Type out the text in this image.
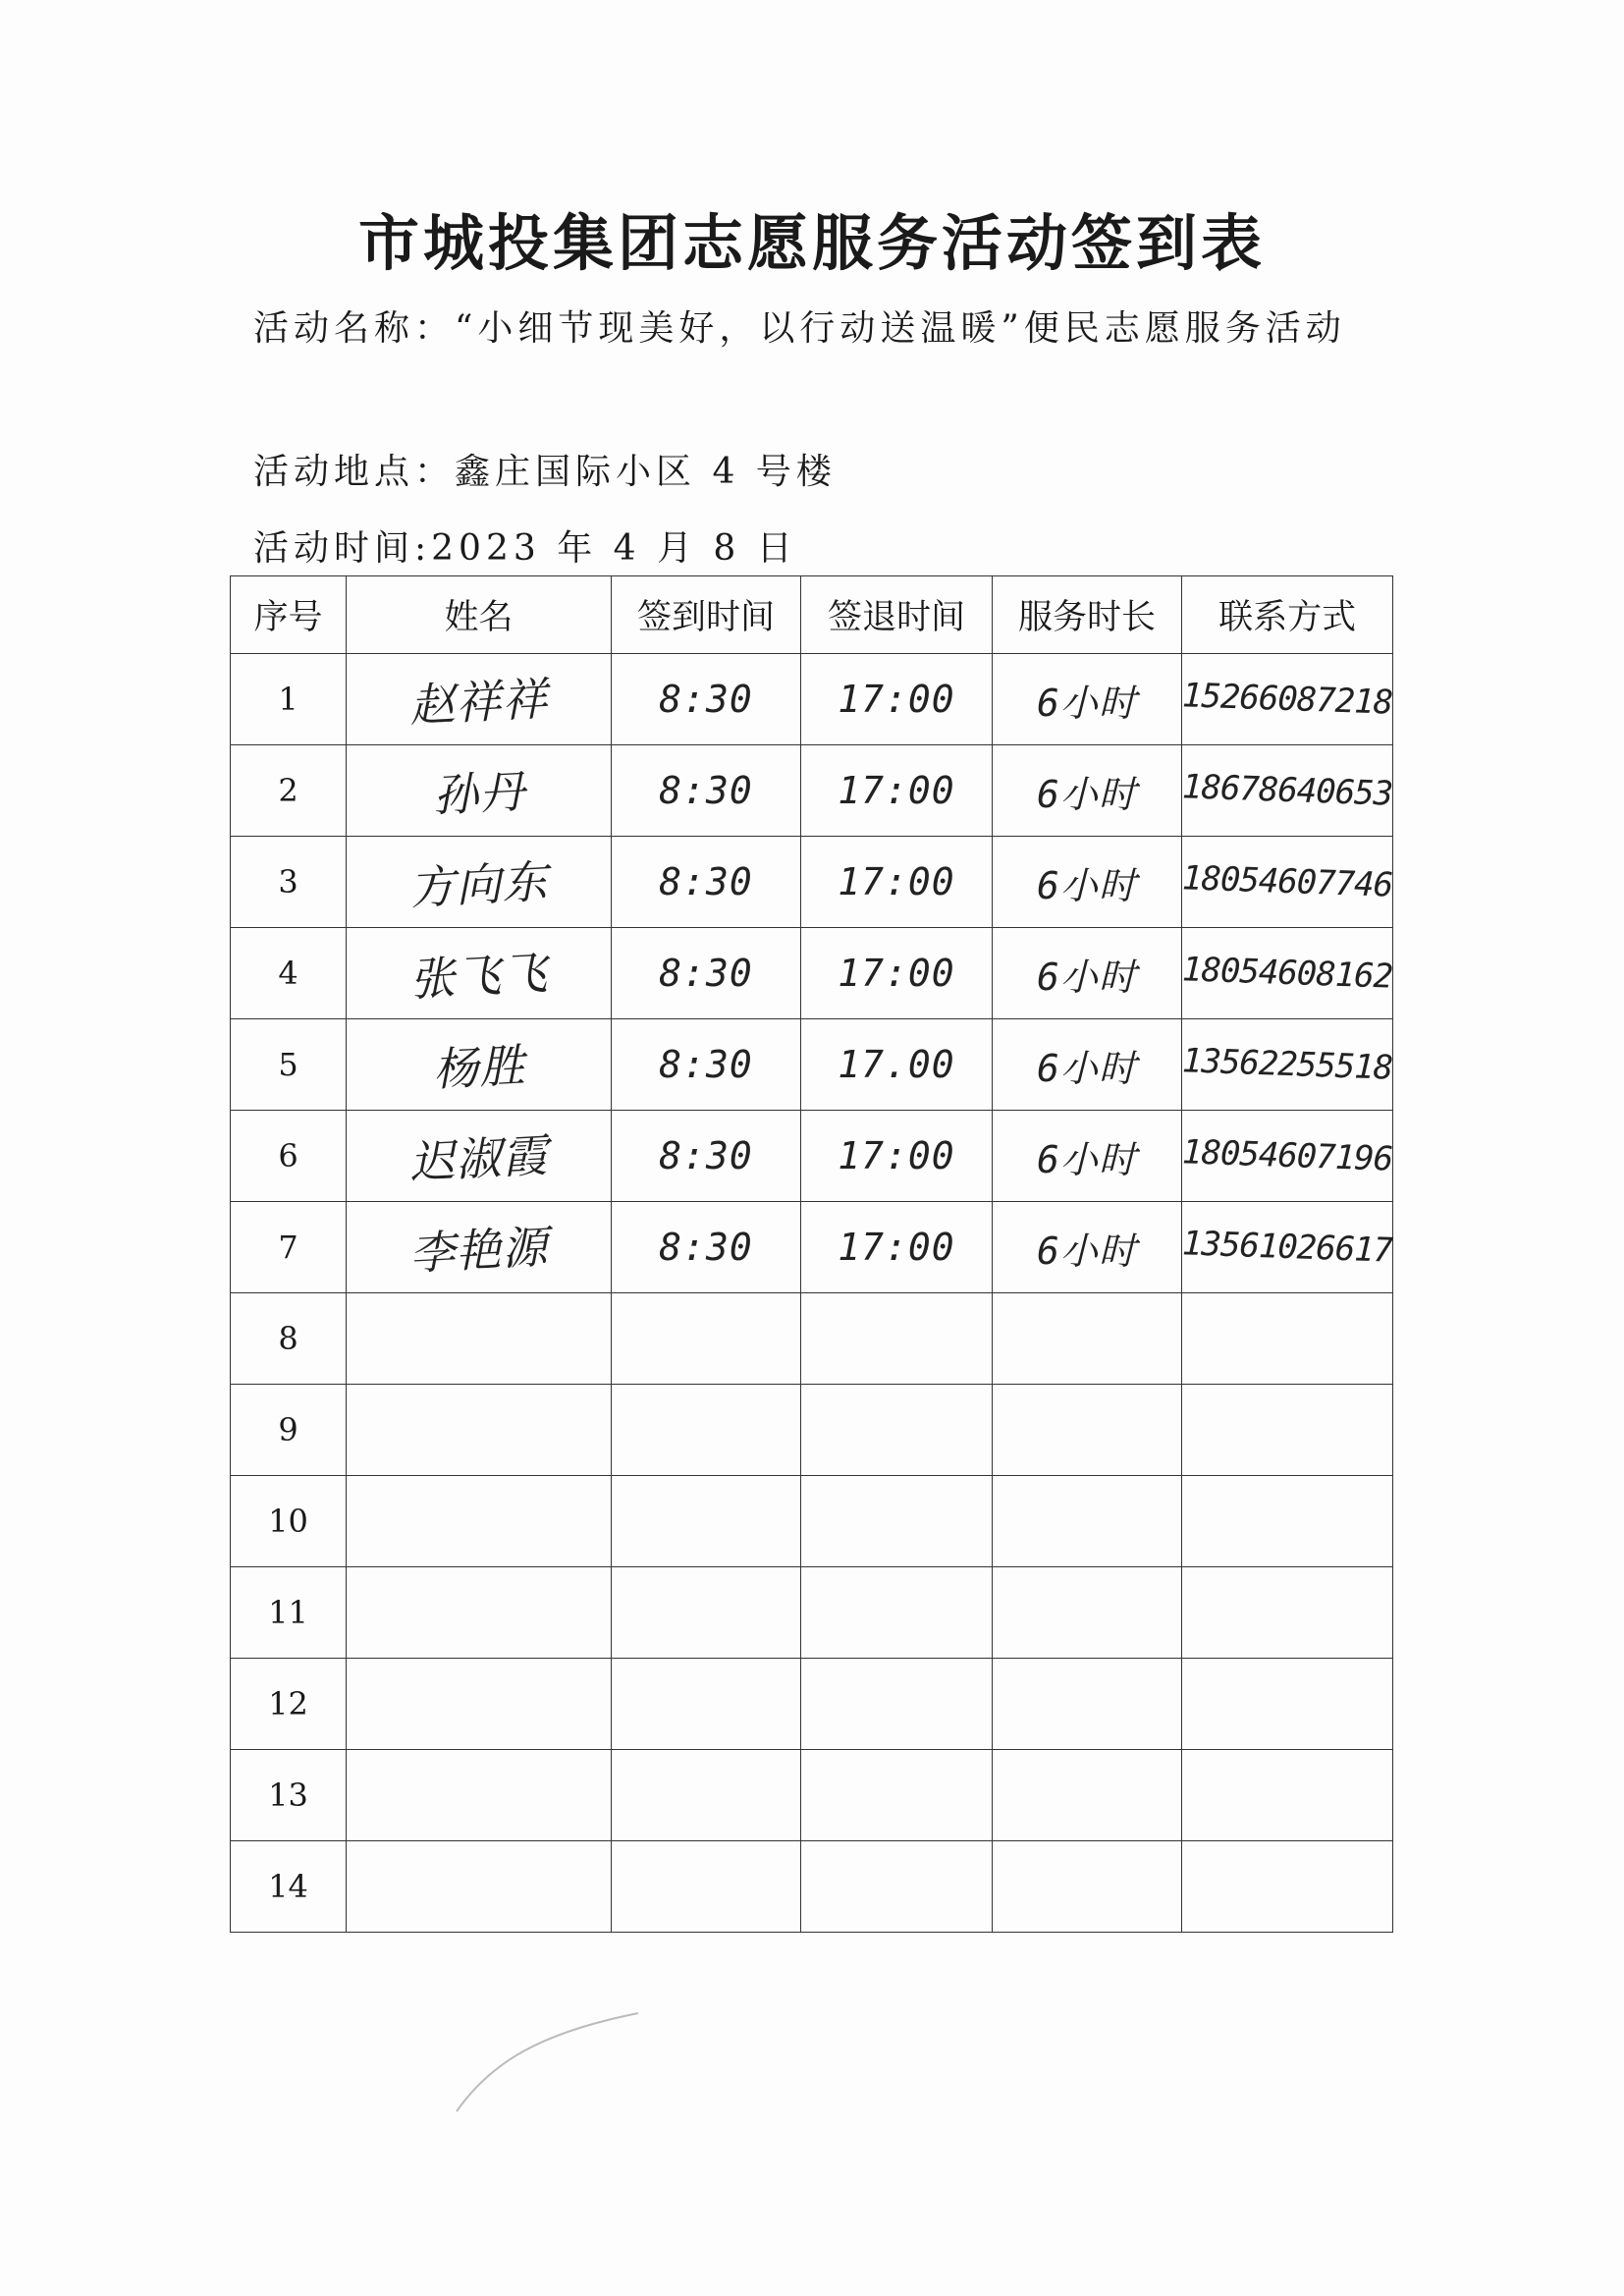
市城投集团志愿服务活动签到表
活动名称：“小细节现美好，以行动送温暖”便民志愿服务活动
活动地点：鑫庄国际小区 4 号楼
活动时间:2023 年 4 月 8 日
序号	姓名	签到时间	签退时间	服务时长	联系方式
1	赵祥祥	8:30	17:00	6小时	15266087218
2	孙丹	8:30	17:00	6小时	18678640653
3	方向东	8:30	17:00	6小时	18054607746
4	张飞飞	8:30	17:00	6小时	18054608162
5	杨胜	8:30	17.00	6小时	13562255518
6	迟淑霞	8:30	17:00	6小时	18054607196
7	李艳源	8:30	17:00	6小时	13561026617
8					
9					
10					
11					
12					
13					
14					
